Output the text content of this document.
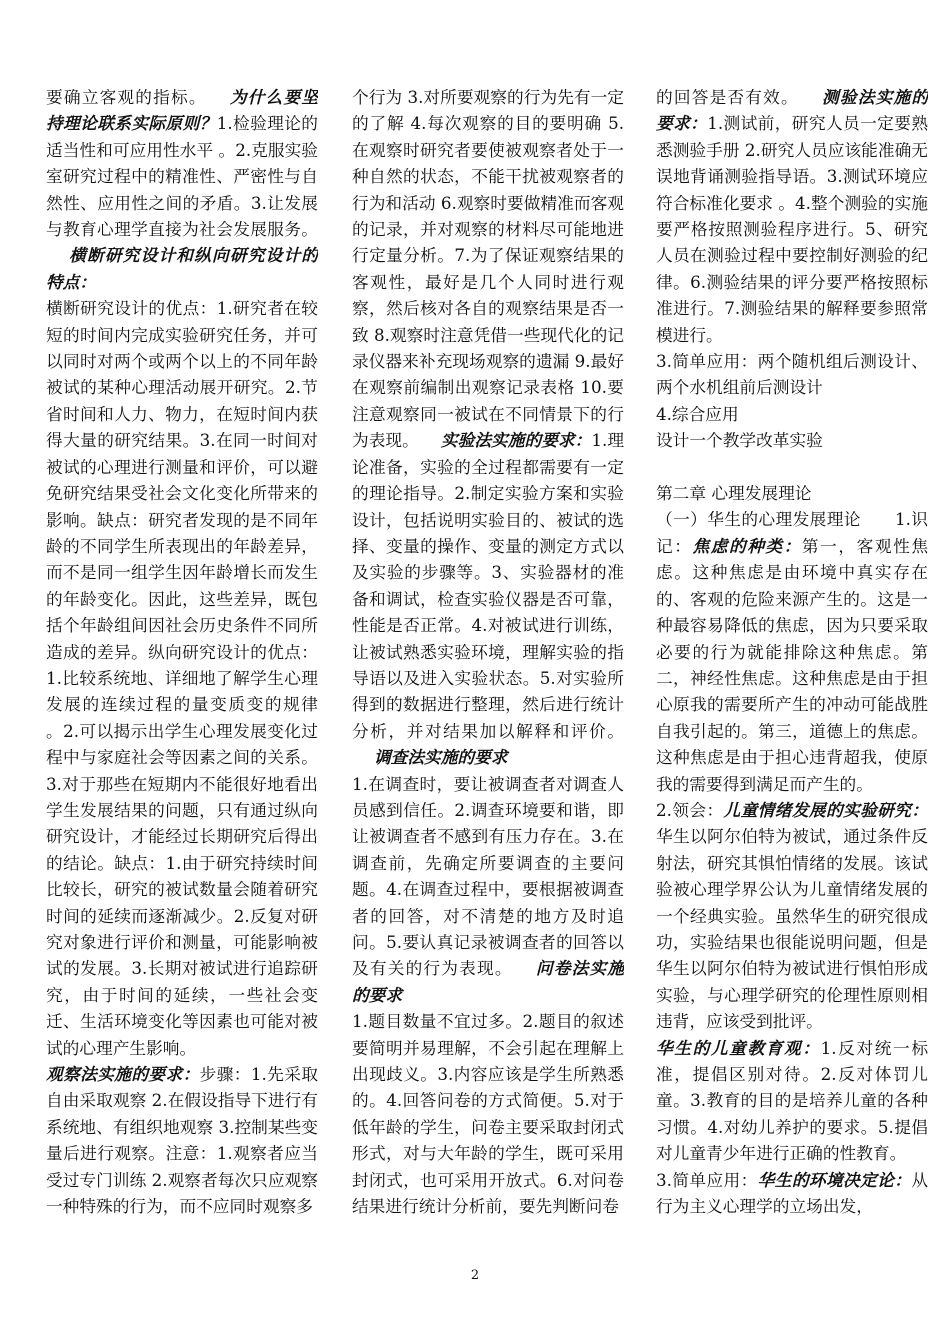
要确立客观的指标。 为什么要坚持理论联系实际原则？1.检验理论的适当性和可应用性水平 。2.克服实验室研究过程中的精准性、严密性与自然性、应用性之间的矛盾。3.让发展与教育心理学直接为社会发展服务。横断研究设计和纵向研究设计的特点：

横断研究设计的优点：1.研究者在较短的时间内完成实验研究任务，并可以同时对两个或两个以上的不同年龄被试的某种心理活动展开研究。2.节省时间和人力、物力，在短时间内获得大量的研究结果。3.在同一时间对被试的心理进行测量和评价，可以避免研究结果受社会文化变化所带来的影响。缺点：研究者发现的是不同年龄的不同学生所表现出的年龄差异，而不是同一组学生因年龄增长而发生的年龄变化。因此，这些差异，既包括个年龄组间因社会历史条件不同所造成的差异。纵向研究设计的优点：1.比较系统地、详细地了解学生心理发展的连续过程的量变质变的规律 。2.可以揭示出学生心理发展变化过程中与家庭社会等因素之间的关系。3.对于那些在短期内不能很好地看出学生发展结果的问题，只有通过纵向研究设计，才能经过长期研究后得出的结论。缺点：1.由于研究持续时间比较长，研究的被试数量会随着研究时间的延续而逐渐减少。2.反复对研究对象进行评价和测量，可能影响被试的发展。3.长期对被试进行追踪研究，由于时间的延续，一些社会变迁、生活环境变化等因素也可能对被试的心理产生影响。

观察法实施的要求：步骤：1.先采取自由采取观察 2.在假设指导下进行有系统地、有组织地观察 3.控制某些变量后进行观察。注意：1.观察者应当受过专门训练 2.观察者每次只应观察一种特殊的行为，而不应同时观察多

个行为 3.对所要观察的行为先有一定的了解 4.每次观察的目的要明确 5.在观察时研究者要使被观察者处于一种自然的状态，不能干扰被观察者的行为和活动 6.观察时要做精准而客观的记录，并对观察的材料尽可能地进行定量分析。7.为了保证观察结果的客观性，最好是几个人同时进行观察，然后核对各自的观察结果是否一致 8.观察时注意凭借一些现代化的记录仪器来补充现场观察的遗漏 9.最好在观察前编制出观察记录表格 10.要注意观察同一被试在不同情景下的行为表现。 实验法实施的要求：1.理论准备，实验的全过程都需要有一定的理论指导。2.制定实验方案和实验设计，包括说明实验目的、被试的选择、变量的操作、变量的测定方式以及实验的步骤等。3、实验器材的准备和调试，检查实验仪器是否可靠，性能是否正常。4.对被试进行训练，让被试熟悉实验环境，理解实验的指导语以及进入实验状态。5.对实验所得到的数据进行整理，然后进行统计分析，并对结果加以解释和评价。调查法实施的要求

1.在调查时，要让被调查者对调查人员感到信任。2.调查环境要和谐，即让被调查者不感到有压力存在。3.在调查前，先确定所要调查的主要问题。4.在调查过程中，要根据被调查者的回答，对不清楚的地方及时追问。5.要认真记录被调查者的回答以及有关的行为表现。 问卷法实施的要求

1.题目数量不宜过多。2.题目的叙述要简明并易理解，不会引起在理解上出现歧义。3.内容应该是学生所熟悉的。4.回答问卷的方式简便。5.对于低年龄的学生，问卷主要采取封闭式形式，对与大年龄的学生，既可采用封闭式，也可采用开放式。6.对问卷结果进行统计分析前，要先判断问卷

的回答是否有效。 测验法实施的要求：1.测试前，研究人员一定要熟悉测验手册 2.研究人员应该能准确无误地背诵测验指导语。3.测试环境应符合标准化要求 。4.整个测验的实施要严格按照测验程序进行。5、研究人员在测验过程中要控制好测验的纪律。6.测验结果的评分要严格按照标准进行。7.测验结果的解释要参照常模进行。

3.简单应用：两个随机组后测设计、两个水机组前后测设计

4.综合应用

设计一个教学改革实验

第二章 心理发展理论

（一）华生的心理发展理论　　1.识记：焦虑的种类：第一，客观性焦虑。这种焦虑是由环境中真实存在的、客观的危险来源产生的。这是一种最容易降低的焦虑，因为只要采取必要的行为就能排除这种焦虑。第二，神经性焦虑。这种焦虑是由于担心原我的需要所产生的冲动可能战胜自我引起的。第三，道德上的焦虑。这种焦虑是由于担心违背超我，使原我的需要得到满足而产生的。

2.领会：儿童情绪发展的实验研究：华生以阿尔伯特为被试，通过条件反射法，研究其惧怕情绪的发展。该试验被心理学界公认为儿童情绪发展的一个经典实验。虽然华生的研究很成功，实验结果也很能说明问题，但是华生以阿尔伯特为被试进行惧怕形成实验，与心理学研究的伦理性原则相违背，应该受到批评。

华生的儿童教育观：1.反对统一标准，提倡区别对待。2.反对体罚儿童。3.教育的目的是培养儿童的各种习惯。4.对幼儿养护的要求。5.提倡对儿童青少年进行正确的性教育。

3.简单应用：华生的环境决定论：从行为主义心理学的立场出发，

2
